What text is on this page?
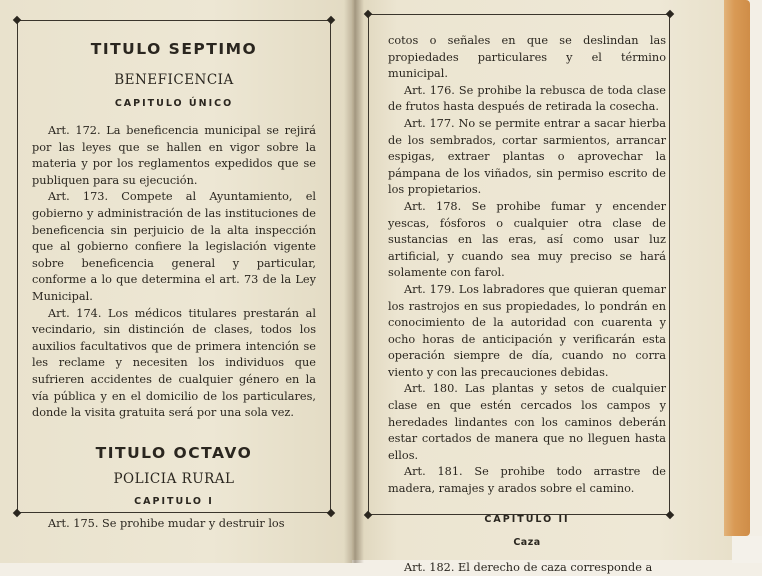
TITULO SEPTIMO
BENEFICENCIA
CAPITULO ÚNICO

Art. 172. La beneficencia municipal se rejirá por las leyes que se hallen en vigor sobre la materia y por los reglamentos expedidos que se publiquen para su ejecución.

Art. 173. Compete al Ayuntamiento, el gobierno y administración de las instituciones de beneficencia sin perjuicio de la alta inspección que al gobierno confiere la legislación vigente sobre beneficencia general y particular, conforme a lo que determina el art. 73 de la Ley Municipal.

Art. 174. Los médicos titulares prestarán al vecindario, sin distinción de clases, todos los auxilios facultativos que de primera intención se les reclame y necesiten los individuos que sufrieren accidentes de cualquier género en la vía pública y en el domicilio de los particulares, donde la visita gratuita será por una sola vez.

TITULO OCTAVO
POLICIA RURAL
CAPITULO I

Art. 175. Se prohibe mudar y destruir los

cotos o señales en que se deslindan las propiedades particulares y el término municipal.

Art. 176. Se prohibe la rebusca de toda clase de frutos hasta después de retirada la cosecha.

Art. 177. No se permite entrar a sacar hierba de los sembrados, cortar sarmientos, arrancar espigas, extraer plantas o aprovechar la pámpana de los viñados, sin permiso escrito de los propietarios.

Art. 178. Se prohibe fumar y encender yescas, fósforos o cualquier otra clase de sustancias en las eras, así como usar luz artificial, y cuando sea muy preciso se hará solamente con farol.

Art. 179. Los labradores que quieran quemar los rastrojos en sus propiedades, lo pondrán en conocimiento de la autoridad con cuarenta y ocho horas de anticipación y verificarán esta operación siempre de día, cuando no corra viento y con las precauciones debidas.

Art. 180. Las plantas y setos de cualquier clase en que estén cercados los campos y heredades lindantes con los caminos deberán estar cortados de manera que no lleguen hasta ellos.

Art. 181. Se prohibe todo arrastre de madera, ramajes y arados sobre el camino.

CAPITULO II
Caza

Art. 182. El derecho de caza corresponde a
